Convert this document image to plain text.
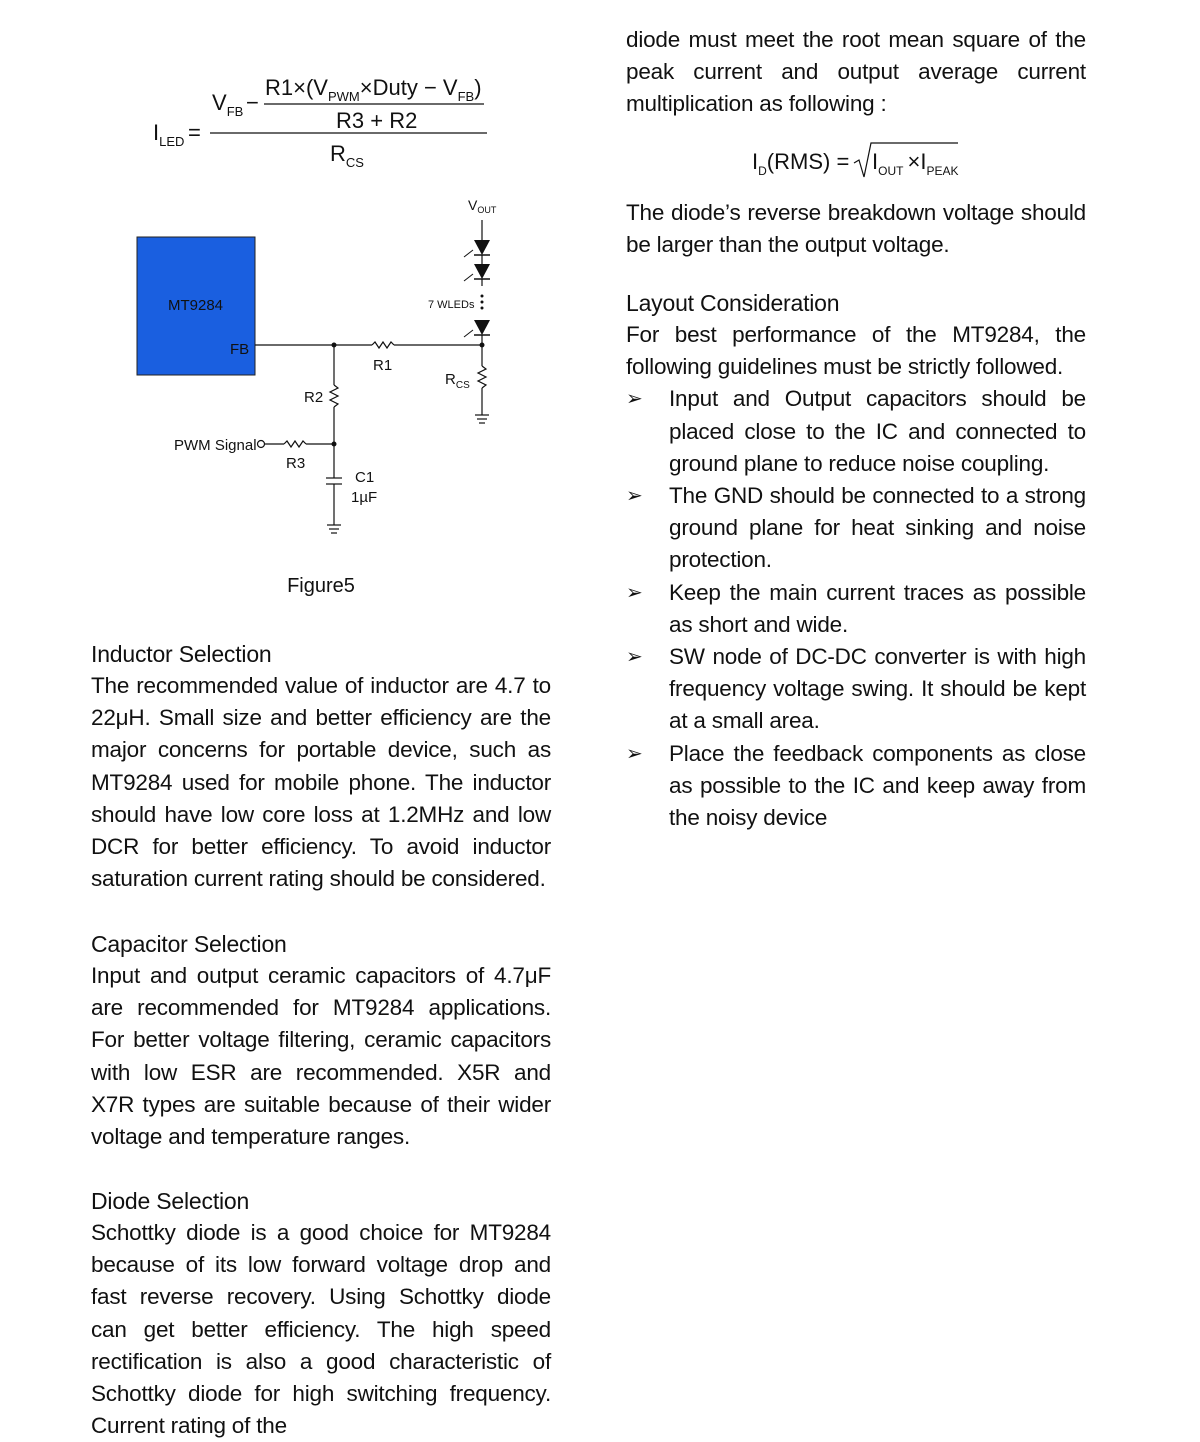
$I_{LED}$ =
$V_{FB}$ −
$R1\times(V_{PWM}\times Duty - V_{FB})$
R3 + R2
$R_{CS}$
MT9284
FB
$V_{OUT}$
7 WLEDs
R1
$R_{CS}$
R2
PWM Signal
R3
C1
1µF
Figure5
Inductor Selection

The recommended value of inductor are 4.7 to 22μH. Small size and better efficiency are the major concerns for portable device, such as MT9284 used for mobile phone. The inductor should have low core loss at 1.2MHz and low DCR for better efficiency. To avoid inductor saturation current rating should be considered.

Capacitor Selection

Input and output ceramic capacitors of 4.7μF are recommended for MT9284 applications. For better voltage filtering, ceramic capacitors with low ESR are recommended. X5R and X7R types are suitable because of their wider voltage and temperature ranges.

Diode Selection

Schottky diode is a good choice for MT9284 because of its low forward voltage drop and fast reverse recovery. Using Schottky diode can get better efficiency. The high speed rectification is also a good characteristic of Schottky diode for high switching frequency. Current rating of the

diode must meet the root mean square of the peak current and output average current multiplication as following :

$I_D(RMS) = I_{OUT} \times I_{PEAK}$

The diode’s reverse breakdown voltage should be larger than the output voltage.

Layout Consideration

For best performance of the MT9284, the following guidelines must be strictly followed.

➢	Input and Output capacitors should be placed close to the IC and connected to ground plane to reduce noise coupling.

➢	The GND should be connected to a strong ground plane for heat sinking and noise protection.

➢	Keep the main current traces as possible as short and wide.

➢	SW node of DC-DC converter is with high frequency voltage swing. It should be kept at a small area.

➢	Place the feedback components as close as possible to the IC and keep away from the noisy device
